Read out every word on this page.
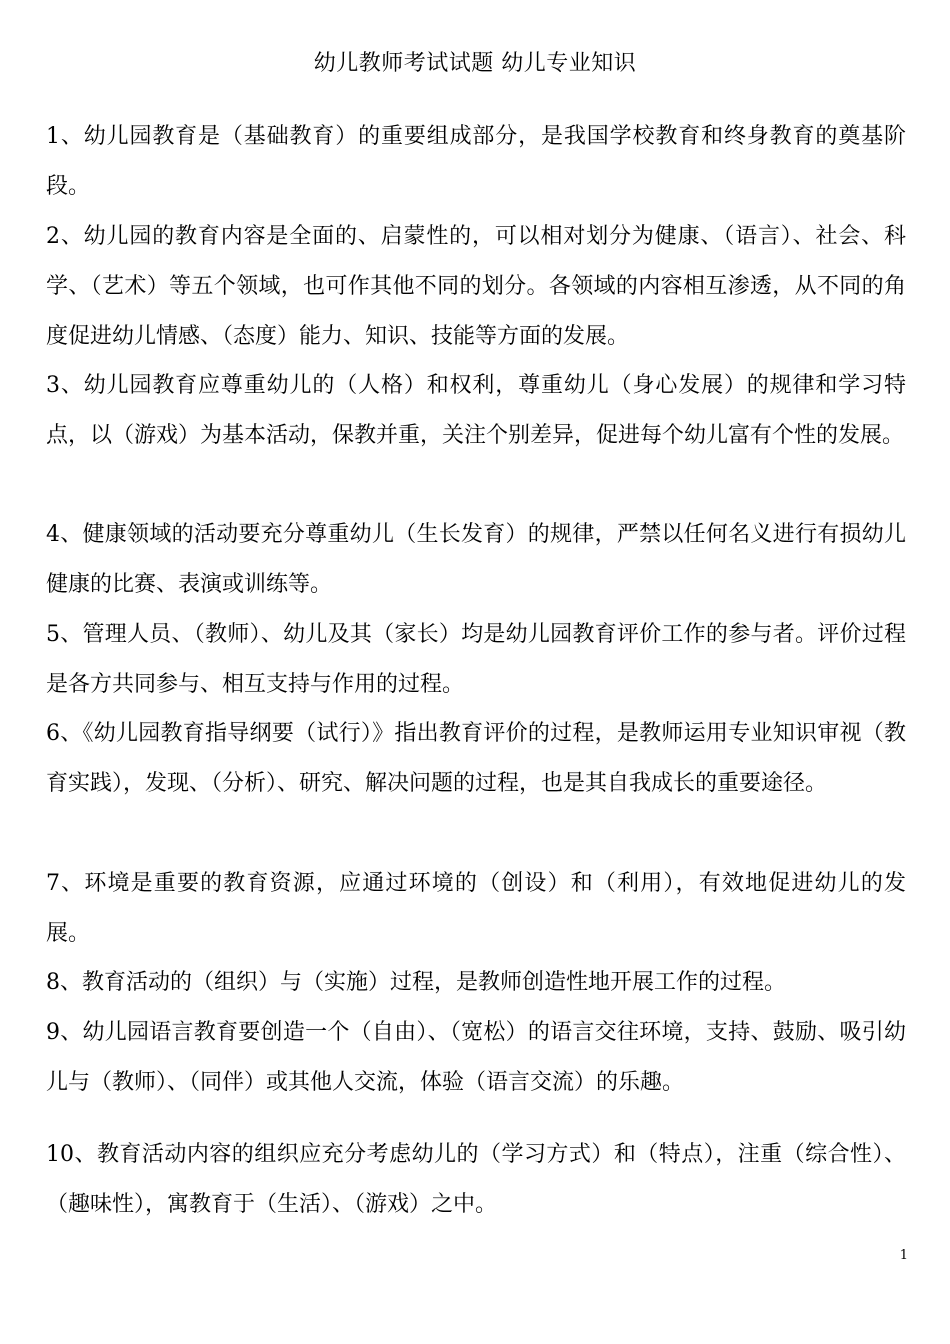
幼儿教师考试试题 幼儿专业知识

1、幼儿园教育是（基础教育）的重要组成部分，是我国学校教育和终身教育的奠基阶段。

2、幼儿园的教育内容是全面的、启蒙性的，可以相对划分为健康、（语言）、社会、科学、（艺术）等五个领域，也可作其他不同的划分。各领域的内容相互渗透，从不同的角度促进幼儿情感、（态度）能力、知识、技能等方面的发展。

3、幼儿园教育应尊重幼儿的（人格）和权利，尊重幼儿（身心发展）的规律和学习特点，以（游戏）为基本活动，保教并重，关注个别差异，促进每个幼儿富有个性的发展。

4、健康领域的活动要充分尊重幼儿（生长发育）的规律，严禁以任何名义进行有损幼儿健康的比赛、表演或训练等。

5、管理人员、（教师）、幼儿及其（家长）均是幼儿园教育评价工作的参与者。评价过程是各方共同参与、相互支持与作用的过程。

6、《幼儿园教育指导纲要（试行）》指出教育评价的过程，是教师运用专业知识审视（教育实践），发现、（分析）、研究、解决问题的过程，也是其自我成长的重要途径。

7、环境是重要的教育资源，应通过环境的（创设）和（利用），有效地促进幼儿的发展。

8、教育活动的（组织）与（实施）过程，是教师创造性地开展工作的过程。

9、幼儿园语言教育要创造一个（自由）、（宽松）的语言交往环境，支持、鼓励、吸引幼儿与（教师）、（同伴）或其他人交流，体验（语言交流）的乐趣。

10、教育活动内容的组织应充分考虑幼儿的（学习方式）和（特点），注重（综合性）、（趣味性），寓教育于（生活）、（游戏）之中。

1
